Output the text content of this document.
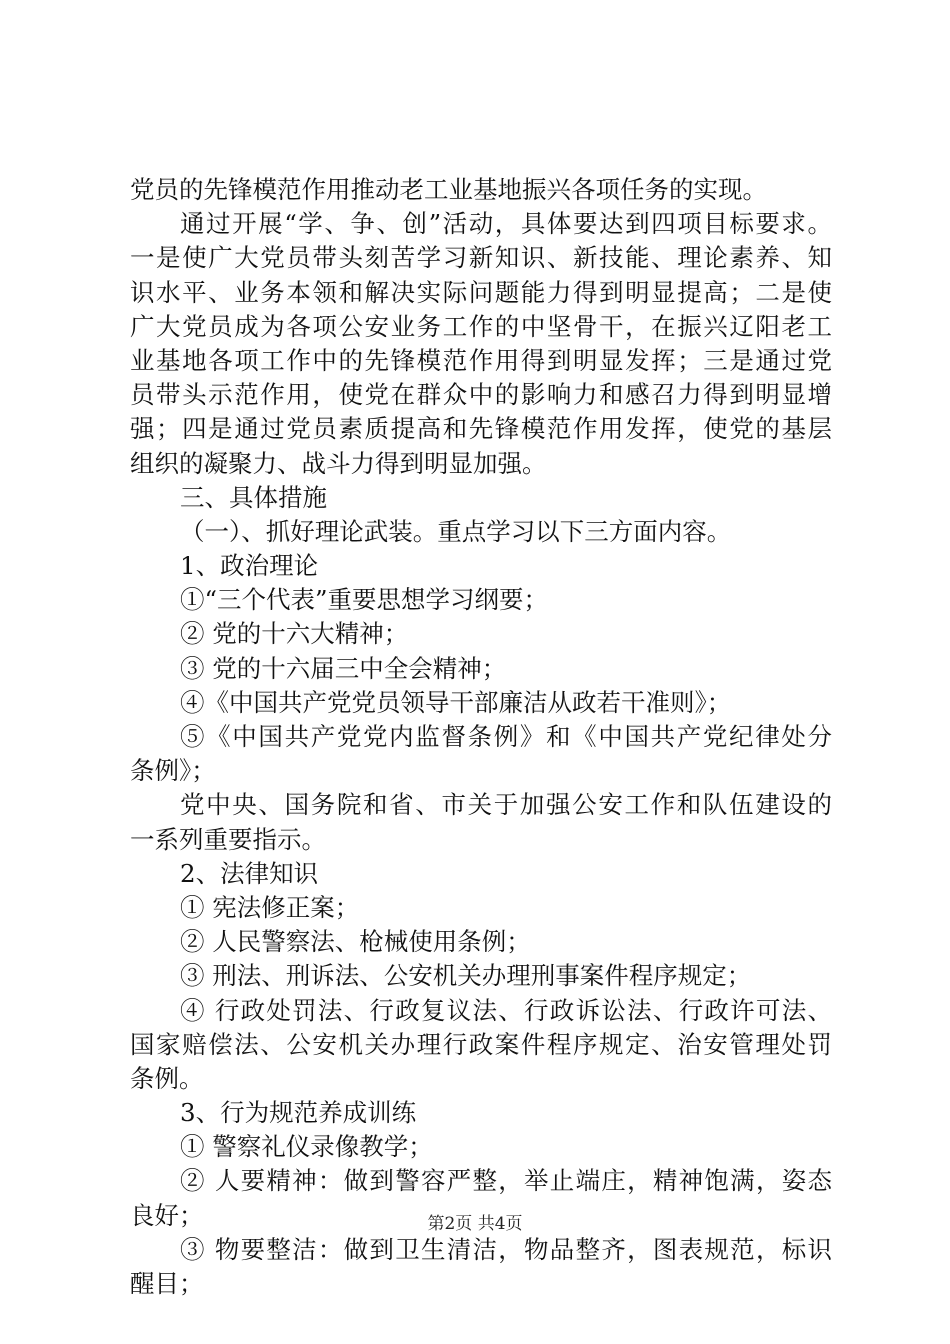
党员的先锋模范作用推动老工业基地振兴各项任务的实现。
通过开展“学、争、创”活动，具体要达到四项目标要求。
一是使广大党员带头刻苦学习新知识、新技能、理论素养、知
识水平、业务本领和解决实际问题能力得到明显提高；二是使
广大党员成为各项公安业务工作的中坚骨干，在振兴辽阳老工
业基地各项工作中的先锋模范作用得到明显发挥；三是通过党
员带头示范作用，使党在群众中的影响力和感召力得到明显增
强；四是通过党员素质提高和先锋模范作用发挥，使党的基层
组织的凝聚力、战斗力得到明显加强。
三、具体措施
（一）、抓好理论武装。重点学习以下三方面内容。
1、政治理论
①“三个代表”重要思想学习纲要；
② 党的十六大精神；
③ 党的十六届三中全会精神；
④《中国共产党党员领导干部廉洁从政若干准则》；
⑤《中国共产党党内监督条例》和《中国共产党纪律处分
条例》；
党中央、国务院和省、市关于加强公安工作和队伍建设的
一系列重要指示。
2、法律知识
① 宪法修正案；
② 人民警察法、枪械使用条例；
③ 刑法、刑诉法、公安机关办理刑事案件程序规定；
④ 行政处罚法、行政复议法、行政诉讼法、行政许可法、
国家赔偿法、公安机关办理行政案件程序规定、治安管理处罚
条例。
3、行为规范养成训练
① 警察礼仪录像教学；
② 人要精神：做到警容严整，举止端庄，精神饱满，姿态
良好；
③ 物要整洁：做到卫生清洁，物品整齐，图表规范，标识
醒目；
第2页 共4页
